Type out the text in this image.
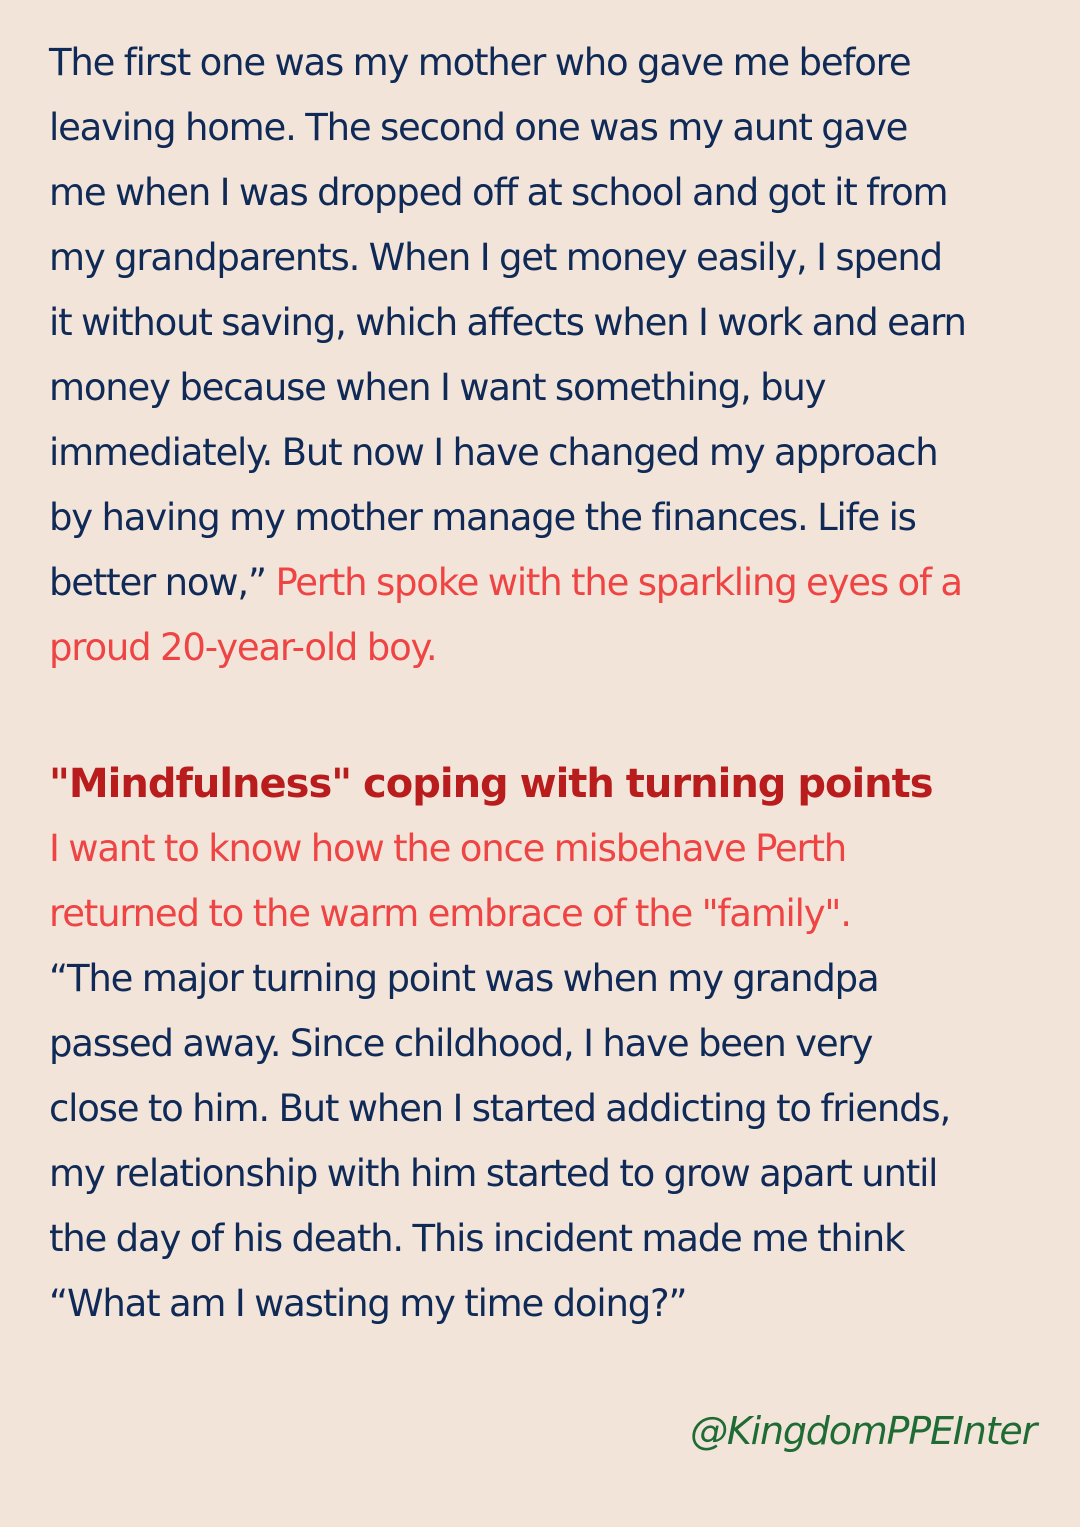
The first one was my mother who gave me before
leaving home. The second one was my aunt gave
me when I was dropped off at school and got it from
my grandparents. When I get money easily, I spend
it without saving, which affects when I work and earn
money because when I want something, buy
immediately. But now I have changed my approach
by having my mother manage the finances. Life is
better now,” Perth spoke with the sparkling eyes of a
proud 20-year-old boy.

"Mindfulness" coping with turning points

I want to know how the once misbehave Perth
returned to the warm embrace of the "family".

“The major turning point was when my grandpa
passed away. Since childhood, I have been very
close to him. But when I started addicting to friends,
my relationship with him started to grow apart until
the day of his death. This incident made me think
“What am I wasting my time doing?”

@KingdomPPEInter
